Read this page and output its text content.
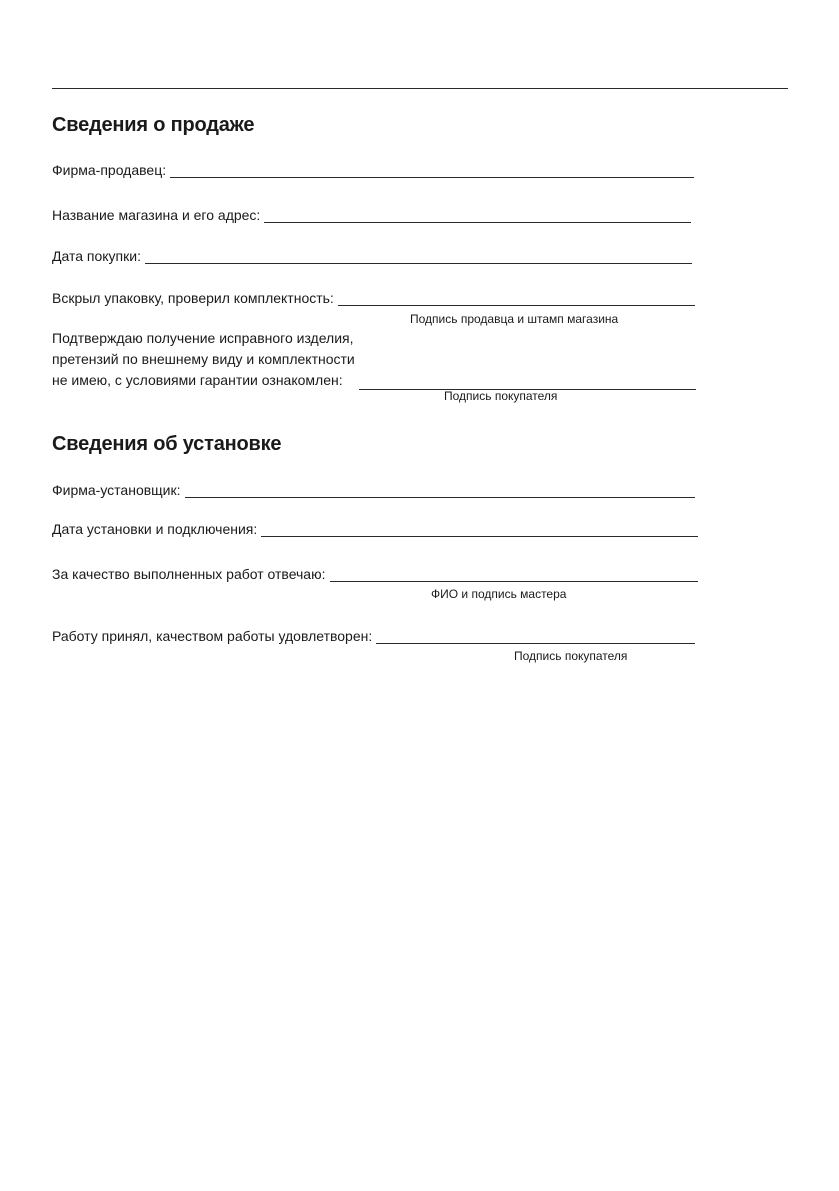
Сведения о продаже
Фирма-продавец:
Название магазина и его адрес:
Дата покупки:
Вскрыл упаковку, проверил комплектность:
Подпись продавца и штамп магазина
Подтверждаю получение исправного изделия,
претензий по внешнему виду и комплектности
не имею, с условиями гарантии ознакомлен:
Подпись покупателя
Сведения об установке
Фирма-установщик:
Дата установки и подключения:
За качество выполненных работ отвечаю:
ФИО и подпись мастера
Работу принял, качеством работы удовлетворен:
Подпись покупателя
